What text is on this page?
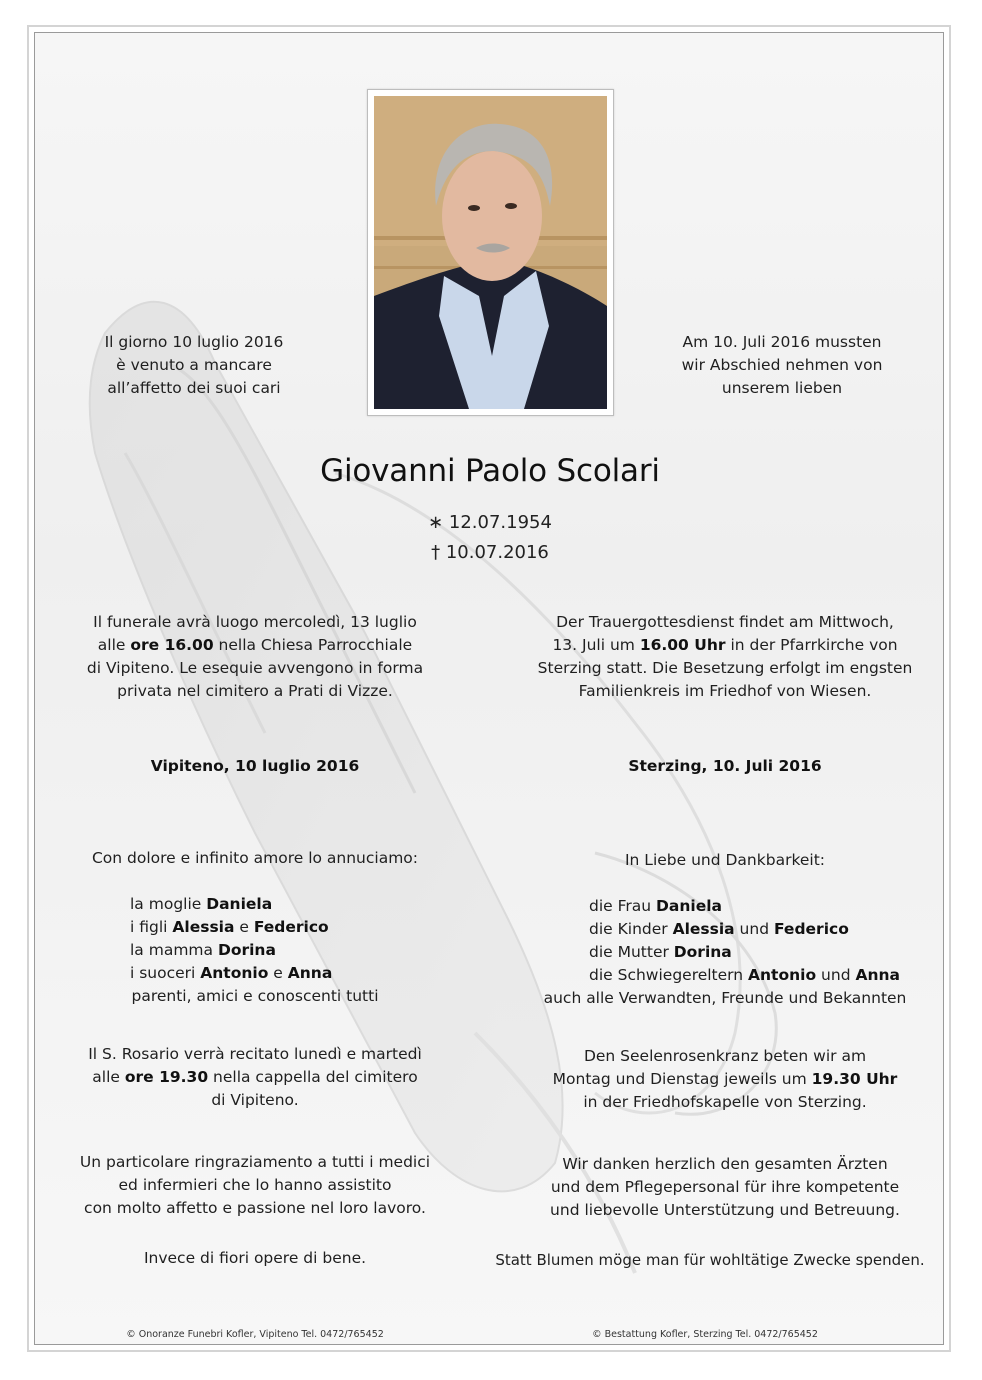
Il giorno 10 luglio 2016
è venuto a mancare
all’affetto dei suoi cari
Am 10. Juli 2016 mussten
wir Abschied nehmen von
unserem lieben
Giovanni Paolo Scolari
∗ 12.07.1954
† 10.07.2016
Il funerale avrà luogo mercoledì, 13 luglio
alle ore 16.00 nella Chiesa Parrocchiale
di Vipiteno. Le esequie avvengono in forma
privata nel cimitero a Prati di Vizze.
Der Trauergottesdienst findet am Mittwoch,
13. Juli um 16.00 Uhr in der Pfarrkirche von
Sterzing statt. Die Besetzung erfolgt im engsten
Familienkreis im Friedhof von Wiesen.
Vipiteno, 10 luglio 2016	Sterzing, 10. Juli 2016
Con dolore e infinito amore lo annuciamo:	In Liebe und Dankbarkeit:
la moglie Daniela
i figli Alessia e Federico
la mamma Dorina
i suoceri Antonio e Anna
parenti, amici e conoscenti tutti
die Frau Daniela
die Kinder Alessia und Federico
die Mutter Dorina
die Schwiegereltern Antonio und Anna
auch alle Verwandten, Freunde und Bekannten
Il S. Rosario verrà recitato lunedì e martedì
alle ore 19.30 nella cappella del cimitero
di Vipiteno.
Den Seelenrosenkranz beten wir am
Montag und Dienstag jeweils um 19.30 Uhr
in der Friedhofskapelle von Sterzing.
Un particolare ringraziamento a tutti i medici
ed infermieri che lo hanno assistito
con molto affetto e passione nel loro lavoro.
Wir danken herzlich den gesamten Ärzten
und dem Pflegepersonal für ihre kompetente
und liebevolle Unterstützung und Betreuung.
Invece di fiori opere di bene.	Statt Blumen möge man für wohltätige Zwecke spenden.
© Onoranze Funebri Kofler, Vipiteno Tel. 0472/765452	© Bestattung Kofler, Sterzing Tel. 0472/765452
